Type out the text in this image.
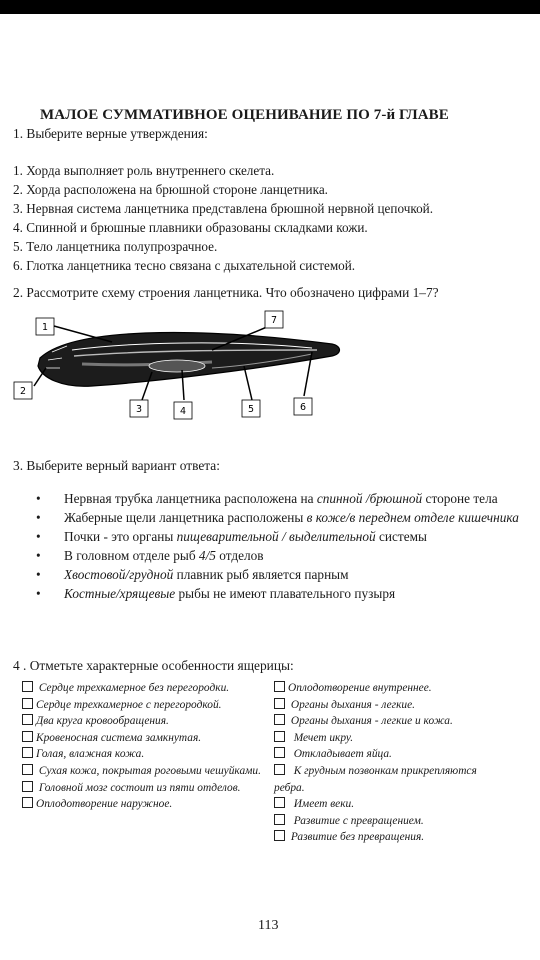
МАЛОЕ СУММАТИВНОЕ ОЦЕНИВАНИЕ ПО 7-й ГЛАВЕ
1. Выберите верные утверждения:
1. Хорда выполняет роль внутреннего скелета.
2. Хорда расположена на брюшной стороне ланцетника.
3. Нервная система ланцетника представлена брюшной нервной цепочкой.
4. Спинной и брюшные плавники образованы складками кожи.
5. Тело ланцетника полупрозрачное.
6. Глотка ланцетника тесно связана с дыхательной системой.
2. Рассмотрите схему строения ланцетника. Что обозначено цифрами 1–7?
1
2
3	4	5	6
7
3. Выберите верный вариант ответа:
• Нервная трубка ланцетника расположена на спинной /брюшной стороне тела
• Жаберные щели ланцетника расположены в коже/в переднем отделе кишечника
• Почки - это органы пищеварительной / выделительной системы
• В головном отделе рыб 4/5 отделов
• Хвостовой/грудной плавник рыб является парным
• Костные/хрящевые рыбы не имеют плавательного пузыря
4 . Отметьте характерные особенности ящерицы:
Сердце трехкамерное без перегородки.
Сердце трехкамерное с перегородкой.
Два круга кровообращения.
Кровеносная система замкнутая.
Голая, влажная кожа.
Сухая кожа, покрытая роговыми чешуйками.
Головной мозг состоит из пяти отделов.
Оплодотворение наружное.
Оплодотворение внутреннее.
Органы дыхания - легкие.
Органы дыхания - легкие и кожа.
Мечет икру.
Откладывает яйца.
К грудным позвонкам прикрепляются ребра.
Имеет веки.
Развитие с превращением.
Развитие без превращения.
113
